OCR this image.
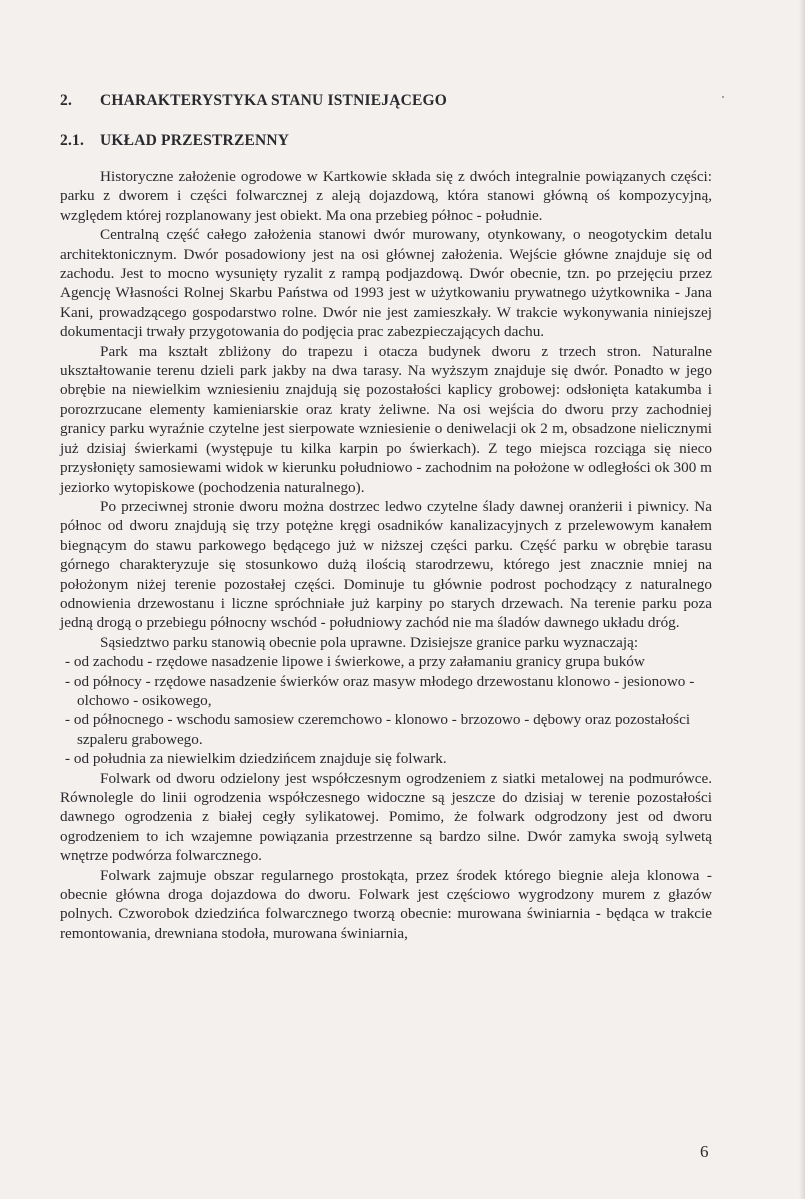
2. CHARAKTERYSTYKA STANU ISTNIEJĄCEGO
2.1. UKŁAD PRZESTRZENNY

Historyczne założenie ogrodowe w Kartkowie składa się z dwóch integralnie powiązanych części: parku z dworem i części folwarcznej z aleją dojazdową, która stanowi główną oś kompozycyjną, względem której rozplanowany jest obiekt. Ma ona przebieg północ - południe.

Centralną część całego założenia stanowi dwór murowany, otynkowany, o neogotyckim detalu architektonicznym. Dwór posadowiony jest na osi głównej założenia. Wejście główne znajduje się od zachodu. Jest to mocno wysunięty ryzalit z rampą podjazdową. Dwór obecnie, tzn. po przejęciu przez Agencję Własności Rolnej Skarbu Państwa od 1993 jest w użytkowaniu prywatnego użytkownika - Jana Kani, prowadzącego gospodarstwo rolne. Dwór nie jest zamieszkały. W trakcie wykonywania niniejszej dokumentacji trwały przygotowania do podjęcia prac zabezpieczających dachu.

Park ma kształt zbliżony do trapezu i otacza budynek dworu z trzech stron. Naturalne ukształtowanie terenu dzieli park jakby na dwa tarasy. Na wyższym znajduje się dwór. Ponadto w jego obrębie na niewielkim wzniesieniu znajdują się pozostałości kaplicy grobowej: odsłonięta katakumba i porozrzucane elementy kamieniarskie oraz kraty żeliwne. Na osi wejścia do dworu przy zachodniej granicy parku wyraźnie czytelne jest sierpowate wzniesienie o deniwelacji ok 2 m, obsadzone nielicznymi już dzisiaj świerkami (występuje tu kilka karpin po świerkach). Z tego miejsca rozciąga się nieco przysłonięty samosiewami widok w kierunku południowo - zachodnim na położone w odległości ok 300 m jeziorko wytopiskowe (pochodzenia naturalnego).

Po przeciwnej stronie dworu można dostrzec ledwo czytelne ślady dawnej oranżerii i piwnicy. Na północ od dworu znajdują się trzy potężne kręgi osadników kanalizacyjnych z przelewowym kanałem biegnącym do stawu parkowego będącego już w niższej części parku. Część parku w obrębie tarasu górnego charakteryzuje się stosunkowo dużą ilością starodrzewu, którego jest znacznie mniej na położonym niżej terenie pozostałej części. Dominuje tu głównie podrost pochodzący z naturalnego odnowienia drzewostanu i liczne spróchniałe już karpiny po starych drzewach. Na terenie parku poza jedną drogą o przebiegu północny wschód - południowy zachód nie ma śladów dawnego układu dróg.

Sąsiedztwo parku stanowią obecnie pola uprawne. Dzisiejsze granice parku wyznaczają:

- od zachodu - rzędowe nasadzenie lipowe i świerkowe, a przy załamaniu granicy grupa buków
- od północy - rzędowe nasadzenie świerków oraz masyw młodego drzewostanu klonowo - jesionowo - olchowo - osikowego,
- od północnego - wschodu samosiew czeremchowo - klonowo - brzozowo - dębowy oraz pozostałości szpaleru grabowego.
- od południa za niewielkim dziedzińcem znajduje się folwark.

Folwark od dworu odzielony jest współczesnym ogrodzeniem z siatki metalowej na podmurówce. Równolegle do linii ogrodzenia współczesnego widoczne są jeszcze do dzisiaj w terenie pozostałości dawnego ogrodzenia z białej cegły sylikatowej. Pomimo, że folwark odgrodzony jest od dworu ogrodzeniem to ich wzajemne powiązania przestrzenne są bardzo silne. Dwór zamyka swoją sylwetą wnętrze podwórza folwarcznego.

Folwark zajmuje obszar regularnego prostokąta, przez środek którego biegnie aleja klonowa - obecnie główna droga dojazdowa do dworu. Folwark jest częściowo wygrodzony murem z głazów polnych. Czworobok dziedzińca folwarcznego tworzą obecnie: murowana świniarnia - będąca w trakcie remontowania, drewniana stodoła, murowana świniarnia,

6
